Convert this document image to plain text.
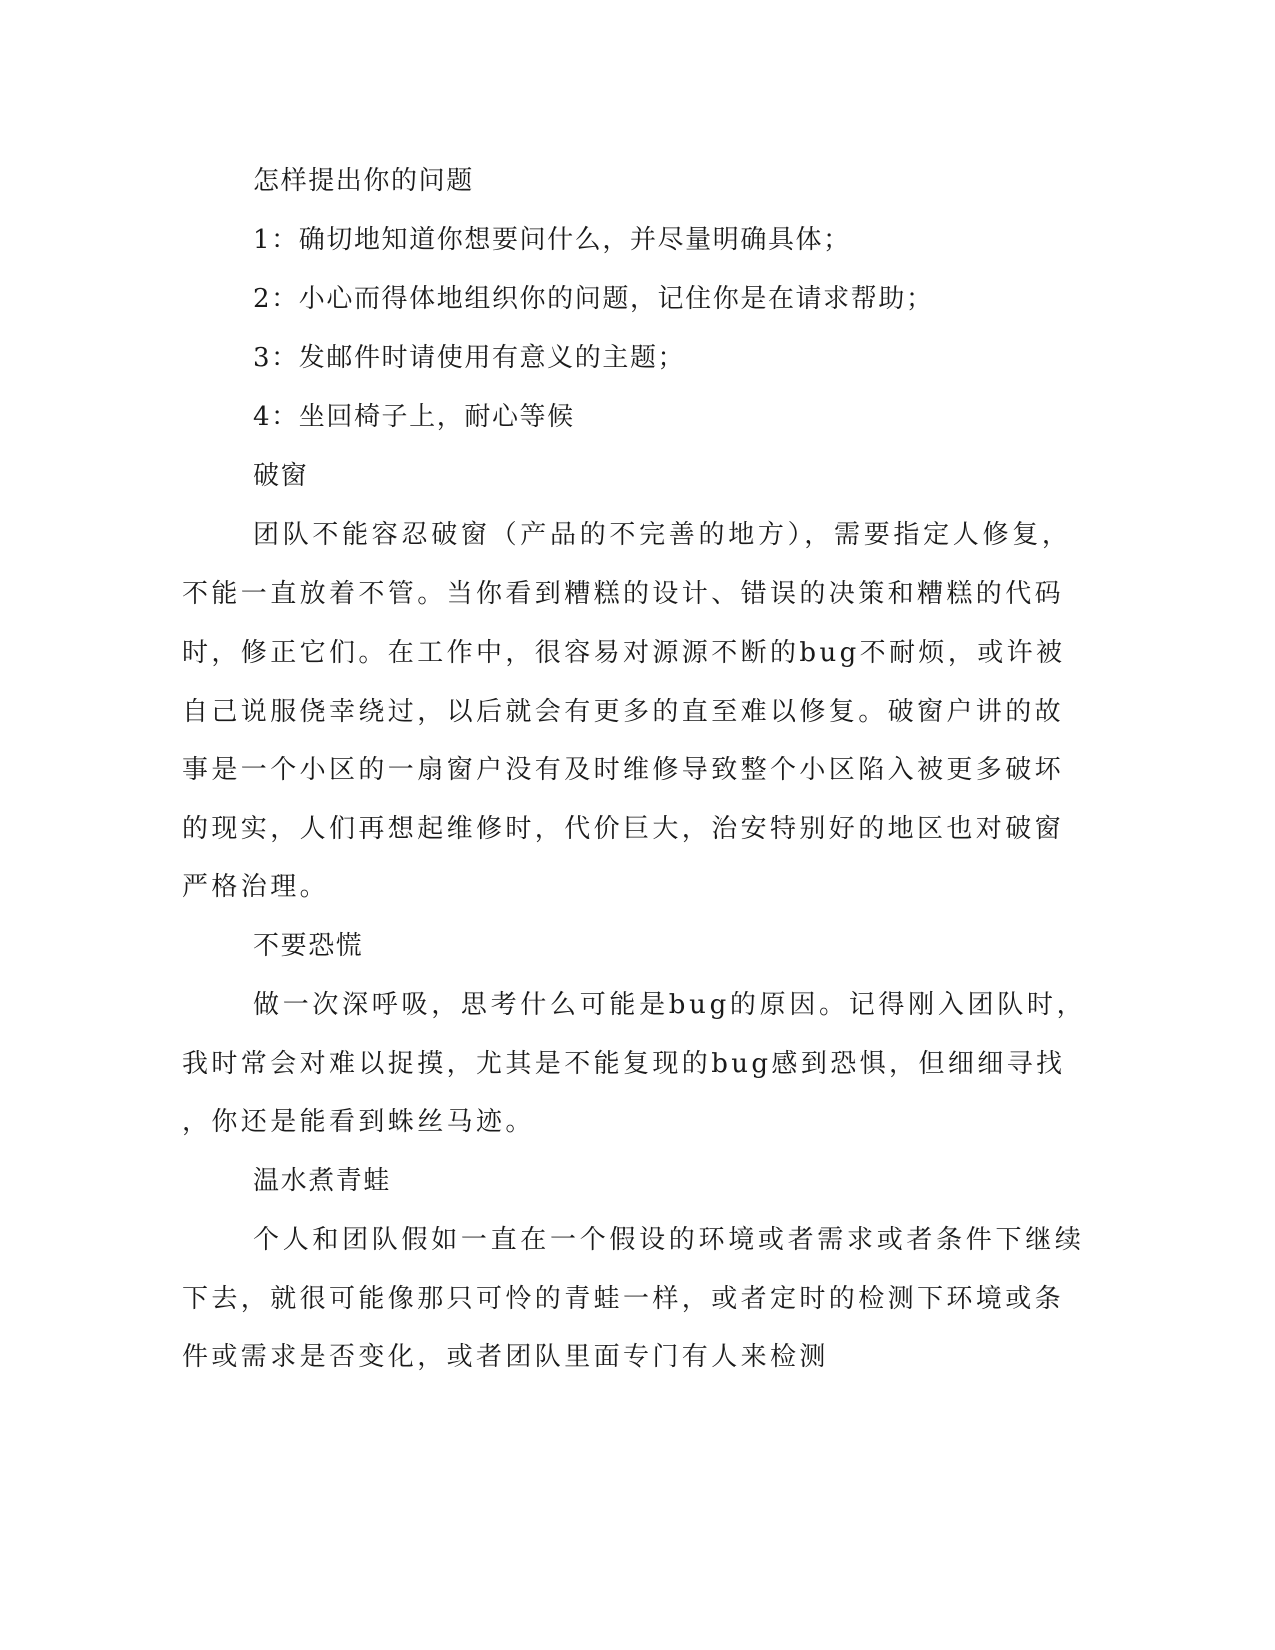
怎样提出你的问题
1：确切地知道你想要问什么，并尽量明确具体；
2：小心而得体地组织你的问题，记住你是在请求帮助；
3：发邮件时请使用有意义的主题；
4：坐回椅子上，耐心等候
破窗
团队不能容忍破窗（产品的不完善的地方），需要指定人修复，
不能一直放着不管。当你看到糟糕的设计、错误的决策和糟糕的代码
时，修正它们。在工作中，很容易对源源不断的bug不耐烦，或许被
自己说服侥幸绕过，以后就会有更多的直至难以修复。破窗户讲的故
事是一个小区的一扇窗户没有及时维修导致整个小区陷入被更多破坏
的现实，人们再想起维修时，代价巨大，治安特别好的地区也对破窗
严格治理。
不要恐慌
做一次深呼吸，思考什么可能是bug的原因。记得刚入团队时，
我时常会对难以捉摸，尤其是不能复现的bug感到恐惧，但细细寻找
，你还是能看到蛛丝马迹。
温水煮青蛙
个人和团队假如一直在一个假设的环境或者需求或者条件下继续
下去，就很可能像那只可怜的青蛙一样，或者定时的检测下环境或条
件或需求是否变化，或者团队里面专门有人来检测
